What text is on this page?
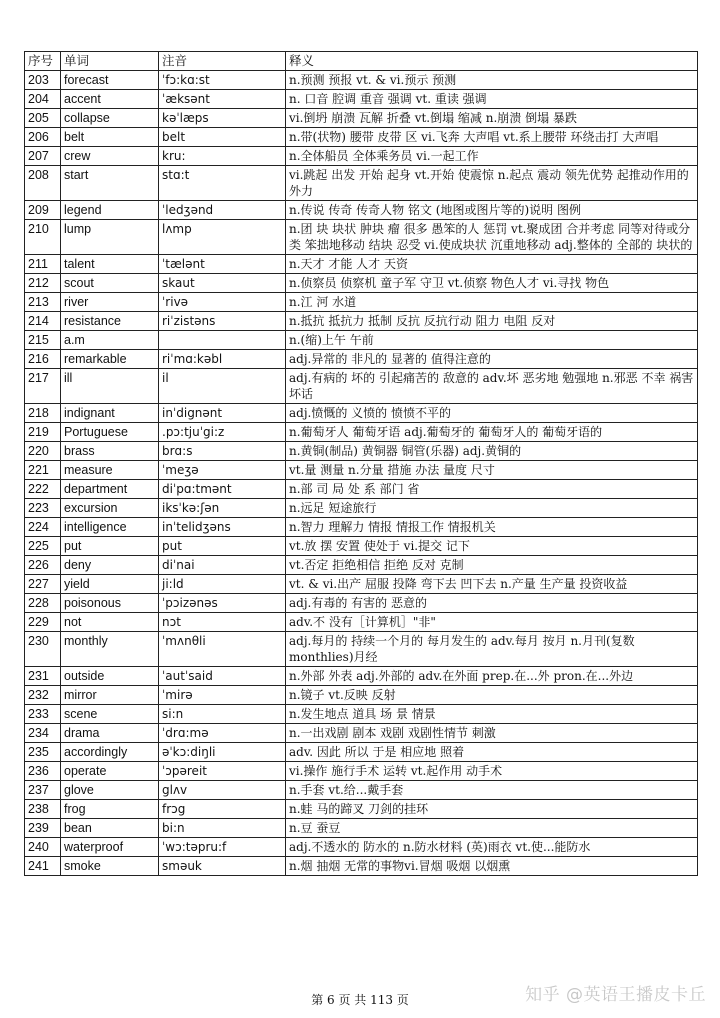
序号	单词	注音	释义
203	forecast	ˈfɔ:kɑ:st	n.预测 预报 vt. & vi.预示 预测
204	accent	ˈæksənt	n. 口音 腔调 重音 强调 vt. 重读 强调
205	collapse	kəˈlæps	vi.倒坍 崩溃 瓦解 折叠 vt.倒塌 缩减 n.崩溃 倒塌 暴跌
206	belt	belt	n.带(状物) 腰带 皮带 区 vi.飞奔 大声唱 vt.系上腰带 环绕击打 大声唱
207	crew	kru:	n.全体船员 全体乘务员 vi.一起工作
208	start	stɑ:t	vi.跳起 出发 开始 起身 vt.开始 使震惊 n.起点 震动 领先优势 起推动作用的外力
209	legend	ˈledʒənd	n.传说 传奇 传奇人物 铭文 (地图或图片等的)说明 图例
210	lump	lʌmp	n.团 块 块状 肿块 瘤 很多 愚笨的人 惩罚 vt.聚成团 合并考虑 同等对待或分类 笨拙地移动 结块 忍受 vi.使成块状 沉重地移动 adj.整体的 全部的 块状的
211	talent	ˈtælənt	n.天才 才能 人才 天资
212	scout	skaut	n.侦察员 侦察机 童子军 守卫 vt.侦察 物色人才 vi.寻找 物色
213	river	ˈrivə	n.江 河 水道
214	resistance	riˈzistəns	n.抵抗 抵抗力 抵制 反抗 反抗行动 阻力 电阻 反对
215	a.m		n.(缩)上午 午前
216	remarkable	riˈmɑ:kəbl	adj.异常的 非凡的 显著的 值得注意的
217	ill	il	adj.有病的 坏的 引起痛苦的 敌意的 adv.坏 恶劣地 勉强地 n.邪恶 不幸 祸害 坏话
218	indignant	inˈdignənt	adj.愤慨的 义愤的 愤愤不平的
219	Portuguese	.pɔ:tjuˈgi:z	n.葡萄牙人 葡萄牙语 adj.葡萄牙的 葡萄牙人的 葡萄牙语的
220	brass	brɑ:s	n.黄铜(制品) 黄铜器 铜管(乐器) adj.黄铜的
221	measure	ˈmeʒə	vt.量 测量 n.分量 措施 办法 量度 尺寸
222	department	diˈpɑ:tmənt	n.部 司 局 处 系 部门 省
223	excursion	iksˈkə:ʃən	n.远足 短途旅行
224	intelligence	inˈtelidʒəns	n.智力 理解力 情报 情报工作 情报机关
225	put	put	vt.放 摆 安置 使处于 vi.提交 记下
226	deny	diˈnai	vt.否定 拒绝相信 拒绝 反对 克制
227	yield	ji:ld	vt. & vi.出产 屈服 投降 弯下去 凹下去 n.产量 生产量 投资收益
228	poisonous	ˈpɔizənəs	adj.有毒的 有害的 恶意的
229	not	nɔt	adv.不 没有［计算机］"非"
230	monthly	ˈmʌnθli	adj.每月的 持续一个月的 每月发生的 adv.每月 按月 n.月刊(复数monthlies)月经
231	outside	ˈautˈsaid	n.外部 外表 adj.外部的 adv.在外面 prep.在...外 pron.在...外边
232	mirror	ˈmirə	n.镜子 vt.反映 反射
233	scene	si:n	n.发生地点 道具 场 景 情景
234	drama	ˈdrɑ:mə	n.一出戏剧 剧本 戏剧 戏剧性情节 刺激
235	accordingly	əˈkɔ:diŋli	adv. 因此 所以 于是 相应地 照着
236	operate	ˈɔpəreit	vi.操作 施行手术 运转 vt.起作用 动手术
237	glove	glʌv	n.手套 vt.给...戴手套
238	frog	frɔg	n.蛙 马的蹄叉 刀剑的挂环
239	bean	bi:n	n.豆 蚕豆
240	waterproof	ˈwɔ:təpru:f	adj.不透水的 防水的 n.防水材料 (英)雨衣 vt.使...能防水
241	smoke	sməuk	n.烟 抽烟 无常的事物vi.冒烟 吸烟 以烟熏
第 6 页 共 113 页	知乎 @英语王播皮卡丘
